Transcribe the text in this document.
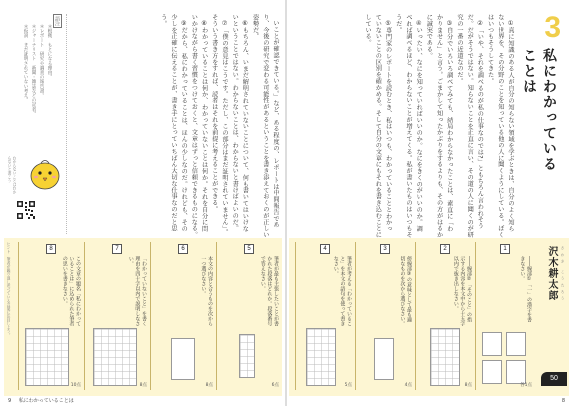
語注
＊根拠　もとになる理由。
＊レポート　研究や調査の報告書。
＊ジャーナリスト　新聞・雑誌などの記者。
＊仮説　まだ証明されていない考え。
わからないことはわからないと書こう	いことが確認できている。」など、ある程度の、レポートは中間報告であり、今後の研究で変わる可能性があるということを書き添えておくのが正しい姿勢だ。

⑥もちろん、いまだ解明されていないことについて、何も書いてはいけないということではない。わからないことは、わからないと書けばよいのだ。

⑦「僕の意見はこうです。ただし、この部分はまだ証明されていません」。そういう書き方をすれば、読者はそれを前提に考えることができる。

⑧わかっていることは何か、わかっていないことは何か。それを自分に問いかけながら書く習慣をつけておくと、文章はずっと信頼できるものになる。

⑨だから、私にわかっていることは、ほんの少しなのだ。けれども、その少しを正確に伝えることが、書き手にとっていちばん大切な仕事なのだと思う。

ヒント　筆者が繰り返し述べている言葉に注目しよう。	8
この文章の題名「私にわかっていることは」に込められた筆者の思いを書きなさい。
10点
7
「わかっていないこと」を書く理由を四十字以内で説明しなさい。
8点
6
本文の内容と合うものを次から一つ選びなさい。
8点
5
筆者が最も主張したいことが書かれた段落はどれか。段落番号で答えなさい。
6点
9 私にわかっていることは

①真に知識のある人が自分の知らない領域を学ぶときは、自分のよく知らない世界を、その分野のことを知っている他の人に聞くようにしている。ぼくはいつもそうしてきた。

②「いや、それを調べるのが私の仕事なのでは?」ともちろん言われそうだ。だがそうではない。知らないことを正直に言い、その道の人に聞くのが研究の一番の近道なのだ。

③自分でいろいろ調べてみても、結局わからなかったことは、素直に「わかりません」と言う。ごまかして知ったかぶりをするよりも、その方がはるかに誠実である。

④いったい、なにを知っていればいいのか。なにをきくのがいいのか。調べれば調べるほど、わからないことが増えてくる。私が書いたものはいつもそうだ。

⑤専門家のレポートを読むとき、私はいつも、わかっていることとわかっていないことの区別を確かめる。そして自分の文章にもそれを書き込むことにしている。	3
私にわかっていることは
4
筆者が考える「わかっていること」を本文の語句を使って書きなさい。
5点
3
傍線部③の意味として最も適切なものを次から選びなさい。
4点
2
――線部②「そのこと」の指示する内容を本文中から十五字以内で抜き出しなさい。
8点
1
――線部①「一」の漢字を書きなさい。
各1点
さわき こうたろう
沢木耕太郎
50
8
